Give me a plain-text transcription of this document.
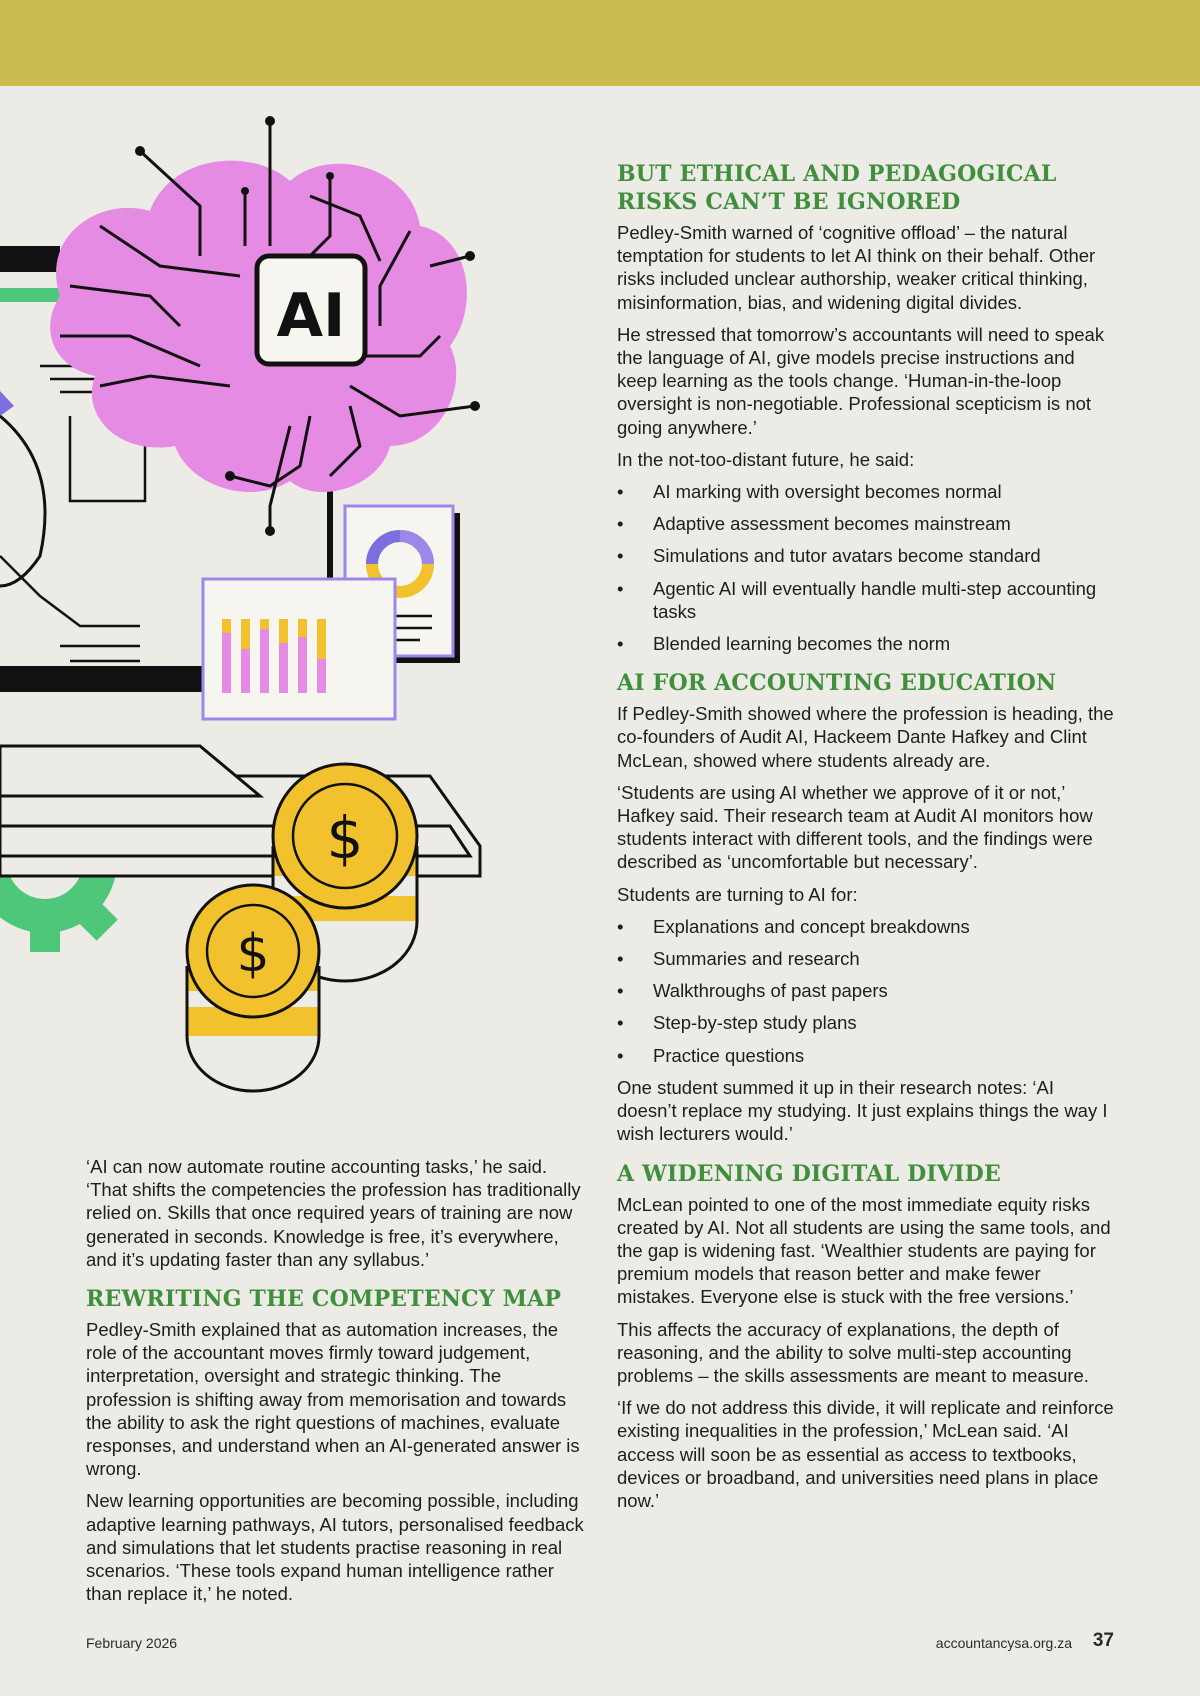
AI
$
$

‘AI can now automate routine accounting tasks,’ he said. ‘That shifts the competencies the profession has traditionally relied on. Skills that once required years of training are now generated in seconds. Knowledge is free, it’s everywhere, and it’s updating faster than any syllabus.’

REWRITING THE COMPETENCY MAP

Pedley-Smith explained that as automation increases, the role of the accountant moves firmly toward judgement, interpretation, oversight and strategic thinking. The profession is shifting away from memorisation and towards the ability to ask the right questions of machines, evaluate responses, and understand when an AI-generated answer is wrong.

New learning opportunities are becoming possible, including adaptive learning pathways, AI tutors, personalised feedback and simulations that let students practise reasoning in real scenarios. ‘These tools expand human intelligence rather than replace it,’ he noted.

BUT ETHICAL AND PEDAGOGICAL RISKS CAN’T BE IGNORED

Pedley-Smith warned of ‘cognitive offload’ – the natural temptation for students to let AI think on their behalf. Other risks included unclear authorship, weaker critical thinking, misinformation, bias, and widening digital divides.

He stressed that tomorrow’s accountants will need to speak the language of AI, give models precise instructions and keep learning as the tools change. ‘Human-in-the-loop oversight is non-negotiable. Professional scepticism is not going anywhere.’

In the not-too-distant future, he said:

• AI marking with oversight becomes normal
• Adaptive assessment becomes mainstream
• Simulations and tutor avatars become standard
• Agentic AI will eventually handle multi-step accounting tasks
• Blended learning becomes the norm
AI FOR ACCOUNTING EDUCATION

If Pedley-Smith showed where the profession is heading, the co-founders of Audit AI, Hackeem Dante Hafkey and Clint McLean, showed where students already are.

‘Students are using AI whether we approve of it or not,’ Hafkey said. Their research team at Audit AI monitors how students interact with different tools, and the findings were described as ‘uncomfortable but necessary’.

Students are turning to AI for:

• Explanations and concept breakdowns
• Summaries and research
• Walkthroughs of past papers
• Step-by-step study plans
• Practice questions

One student summed it up in their research notes: ‘AI doesn’t replace my studying. It just explains things the way I wish lecturers would.’

A WIDENING DIGITAL DIVIDE

McLean pointed to one of the most immediate equity risks created by AI. Not all students are using the same tools, and the gap is widening fast. ‘Wealthier students are paying for premium models that reason better and make fewer mistakes. Everyone else is stuck with the free versions.’

This affects the accuracy of explanations, the depth of reasoning, and the ability to solve multi-step accounting problems – the skills assessments are meant to measure.

‘If we do not address this divide, it will replicate and reinforce existing inequalities in the profession,’ McLean said. ‘AI access will soon be as essential as access to textbooks, devices or broadband, and universities need plans in place now.’

February 2026	accountancysa.org.za 37
